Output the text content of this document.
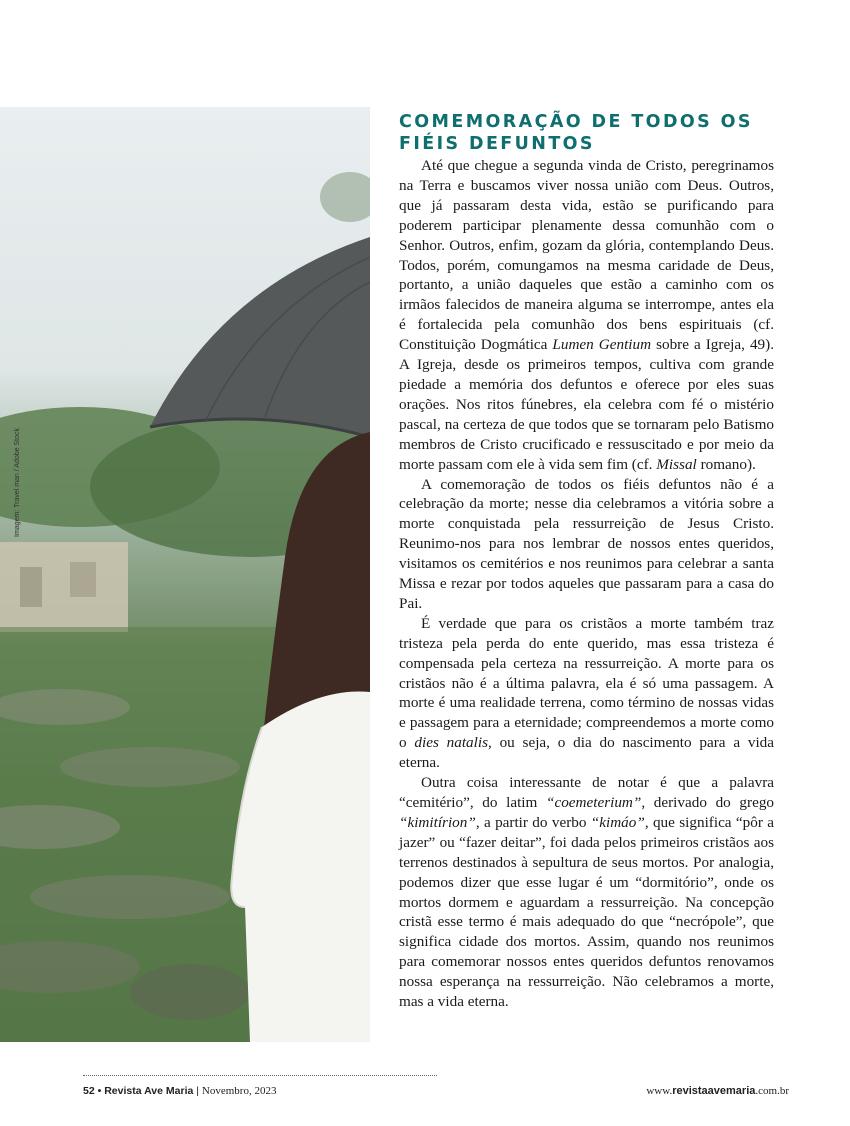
Imagem: Travel man / Adobe Stock
COMEMORAÇÃO DE TODOS OS FIÉIS DEFUNTOS

Até que chegue a segunda vinda de Cristo, peregrinamos na Terra e buscamos viver nossa união com Deus. Outros, que já passaram desta vida, estão se purificando para poderem participar plenamente dessa comunhão com o Senhor. Outros, enfim, gozam da glória, contemplando Deus. Todos, porém, comungamos na mesma caridade de Deus, portanto, a união daqueles que estão a caminho com os irmãos falecidos de maneira alguma se interrompe, antes ela é fortalecida pela comunhão dos bens espirituais (cf. Constituição Dogmática Lumen Gentium sobre a Igreja, 49). A Igreja, desde os primeiros tempos, cultiva com grande piedade a memória dos defuntos e oferece por eles suas orações. Nos ritos fúnebres, ela celebra com fé o mistério pascal, na certeza de que todos que se tornaram pelo Batismo membros de Cristo crucificado e ressuscitado e por meio da morte passam com ele à vida sem fim (cf. Missal romano).

A comemoração de todos os fiéis defuntos não é a celebração da morte; nesse dia celebramos a vitória sobre a morte conquistada pela ressurreição de Jesus Cristo. Reunimo-nos para nos lembrar de nossos entes queridos, visitamos os cemitérios e nos reunimos para celebrar a santa Missa e rezar por todos aqueles que passaram para a casa do Pai.

É verdade que para os cristãos a morte também traz tristeza pela perda do ente querido, mas essa tristeza é compensada pela certeza na ressurreição. A morte para os cristãos não é a última palavra, ela é só uma passagem. A morte é uma realidade terrena, como término de nossas vidas e passagem para a eternidade; compreendemos a morte como o dies natalis, ou seja, o dia do nascimento para a vida eterna.

Outra coisa interessante de notar é que a palavra “cemitério”, do latim “coemeterium”, derivado do grego “kimitírion”, a partir do verbo “kimáo”, que significa “pôr a jazer” ou “fazer deitar”, foi dada pelos primeiros cristãos aos terrenos destinados à sepultura de seus mortos. Por analogia, podemos dizer que esse lugar é um “dormitório”, onde os mortos dormem e aguardam a ressurreição. Na concepção cristã esse termo é mais adequado do que “necrópole”, que significa cidade dos mortos. Assim, quando nos reunimos para comemorar nossos entes queridos defuntos renovamos nossa esperança na ressurreição. Não celebramos a morte, mas a vida eterna.

52 • Revista Ave Maria | Novembro, 2023	www.revistaavemaria.com.br
